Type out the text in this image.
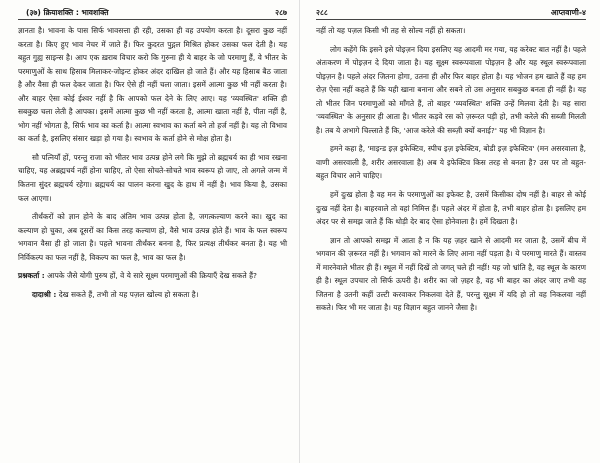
(३७) क्रियाशक्ति : भावशक्ति	२८७

ज्ञानता है। भावना के पास सिर्फ भावसत्ता ही रही, उसका ही वह उपयोग करता है। दूसरा कुछ नहीं करता है। किए हुए भाव नेचर में जाते हैं। फिर कुदरत पुद्गल मिश्रित होकर उसका फल देती है। यह बहुत गुह्य साइन्स है। आप एक ख़राब विचार करो कि गुरुना ही ये बाहर के जो परमाणु हैं, वे भीतर के परमाणुओं के साथ हिसाब मिलाकर-जोइन्ट होकर अंदर दाखिल हो जाते हैं। और यह हिसाब बैठ जाता है और वैसा ही फल देकर जाता है। फिर ऐसे ही नहीं चला जाता। इसमें आत्मा कुछ भी नहीं करता है। और बाहर ऐसा कोई ईश्वर नहीं है कि आपको फल देने के लिए आए। यह 'व्यवस्थित' शक्ति ही सबकुछ चला लेती है आपका। इसमें आत्मा कुछ भी नहीं करता है, आत्मा खाता नहीं है, पीता नहीं है, भोग नहीं भोगता है, सिर्फ भाव का कर्ता है। आत्मा स्वभाव का कर्ता बने तो हर्ज नहीं है। यह तो विभाव का कर्ता है, इसलिए संसार खड़ा हो गया है। स्वभाव के कर्ता होने से मोक्ष होता है।

सौ पत्नियाँ हों, परन्तु राजा को भीतर भाव उत्पन्न होने लगे कि मुझे तो ब्रह्मचर्य का ही भाव रखना चाहिए, यह अब्रह्मचर्य नहीं होना चाहिए, तो ऐसा सोचते-सोचते भाव स्वरूप हो जाए, तो अगले जन्म में कितना सुंदर ब्रह्मचर्य रहेगा। ब्रह्मचर्य का पालन करना खुद के हाथ में नहीं है। भाव किया है, उसका फल आएगा।

तीर्थंकरों को ज्ञान होने के बाद अंतिम भाव उत्पन्न होता है, जगत्कल्याण करने का। खुद का कल्याण हो चुका, अब दूसरों का किस तरह कल्याण हो, वैसे भाव उत्पन्न होते हैं। भाव के फल स्वरूप भगवान वैसा ही हो जाता है। पहले भावना तीर्थंकर बनना है, फिर प्रत्यक्ष तीर्थंकर बनता है। यह भी निर्विकल्प का फल नहीं है, विकल्प का फल है, भाव का फल है।

प्रश्नकर्ता : आपके जैसे योगी पुरुष हों, वे ये सारे सूक्ष्म परमाणुओं की क्रियाएँ देख सकते हैं?

दादाश्री : देख सकते हैं, तभी तो यह पज़ल खोल्व हो सकता है।

२८८	आप्तवाणी-४

नहीं तो यह पज़ल किसी भी तह से सोल्व नहीं हो सकता।

लोग कहेंगे कि इसने इसे पोइज़न दिया इसलिए यह आदमी मर गया, यह करेक्ट बात नहीं है। पहले अंतःकरण में पोइज़न दे दिया जाता है। यह सूक्ष्म स्वरूपवाला पोइज़न है और यह स्थूल स्वरूपवाला पोइज़न है। पहले अंदर जितना होगा, उतना ही और फिर बाहर होता है। यह भोजन हम खाते हैं वह हम रोज़ ऐसा नहीं कहते हैं कि यही खाना बनाना और सबने तो उस अनुसार सबकुछ बनता ही नहीं है। यह तो भीतर जिन परमाणुओं को माँगते हैं, तो बाहर 'व्यवस्थित' शक्ति उन्हें मिलवा देती है। यह सारा 'व्यवस्थित' के अनुसार ही आता है। भीतर कड़वे रस को ज़रूरत पड़ी हो, तभी करेले की सब्जी मिलती है। तब ये अभागे चिल्लाते हैं कि, 'आज करेले की सब्ज़ी क्यों बनाई?' यह भी विज्ञान है।

हमने कहा है, 'माइन्ड इज़ इफेक्टिव, स्पीच इज़ इफेक्टिव, बोडी इज़ इफेक्टिव' (मन असरवाला है, वाणी असरवाली है, शरीर असरवाला है) अब ये इफेक्टिव किस तरह से बनता है? उस पर तो बहुत-बहुत विचार आने चाहिए।

हमें दुःख होता है वह मन के परमाणुओं का इफेक्ट है, उसमें किसीका दोष नहीं है। बाहर से कोई दुःख नहीं देता है। बाहरवाले तो वहां निमित्त हैं। पहले अंदर में होता है, तभी बाहर होता है। इसलिए हम अंदर पर से समझ जाते हैं कि थोड़ी देर बाद ऐसा होनेवाला है। हमें दिखता है।

ज्ञान तो आपको समझ में आता है न कि यह ज़हर खाने से आदमी मर जाता है, उसमें बीच में भगवान की ज़रूरत नहीं है। भगवान को मारने के लिए आना नहीं पड़ता है। ये परमाणु मारते हैं। वास्तव में मारनेवाले भीतर ही हैं। स्थूल में नहीं दिखें तो जगत् चले ही नहीं! यह जो भ्रांति है, वह स्थूल के कारण ही है। स्थूल उपचार तो सिर्फ ऊपरी है। शरीर का जो ज़हर है, वह भी बाहर का अंदर जाए तभी वह जितना है उतनी कहीं उल्टी करवाकर निकलवा देते हैं, परन्तु सूक्ष्म में यदि हो तो वह निकलवा नहीं सकते। फिर भी मर जाता है। यह विज्ञान बहुत जानने जैसा है।
